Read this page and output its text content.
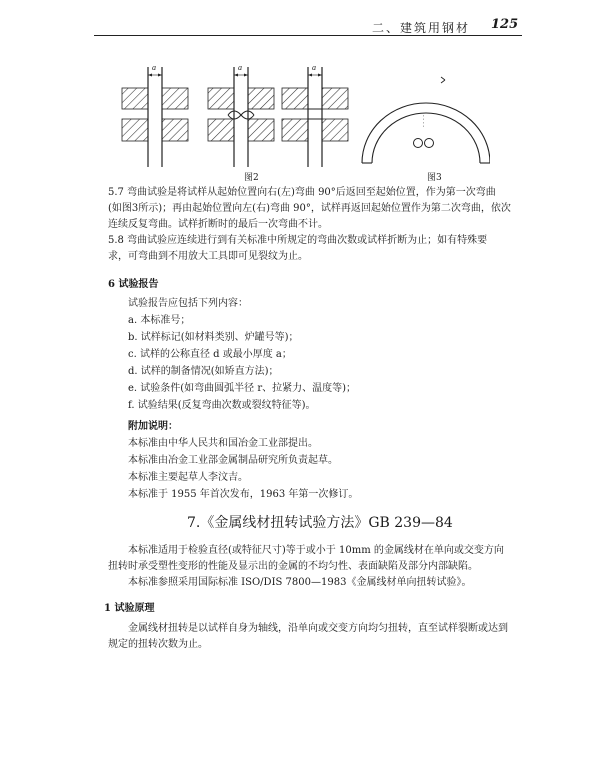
二、建筑用钢材 125
a	a	a
图2	图3

5.7 弯曲试验是将试样从起始位置向右(左)弯曲 90°后返回至起始位置，作为第一次弯曲

(如图3所示)；再由起始位置向左(右)弯曲 90°，试样再返回起始位置作为第二次弯曲，依次

连续反复弯曲。试样折断时的最后一次弯曲不计。

5.8 弯曲试验应连续进行到有关标准中所规定的弯曲次数或试样折断为止；如有特殊要

求，可弯曲到不用放大工具即可见裂纹为止。

6 试验报告

试验报告应包括下列内容：

a. 本标准号；

b. 试样标记(如材料类别、炉罐号等)；

c. 试样的公称直径 d 或最小厚度 a；

d. 试样的制备情况(如矫直方法)；

e. 试验条件(如弯曲圆弧半径 r、拉紧力、温度等)；

f. 试验结果(反复弯曲次数或裂纹特征等)。

附加说明：

本标准由中华人民共和国冶金工业部提出。

本标准由冶金工业部金属制品研究所负责起草。

本标准主要起草人李汶吉。

本标准于 1955 年首次发布，1963 年第一次修订。

7.《金属线材扭转试验方法》GB 239—84

本标准适用于检验直径(或特征尺寸)等于或小于 10mm 的金属线材在单向或交变方向

扭转时承受塑性变形的性能及显示出的金属的不均匀性、表面缺陷及部分内部缺陷。

本标准参照采用国际标准 ISO/DIS 7800—1983《金属线材单向扭转试验》。

1 试验原理

金属线材扭转是以试样自身为轴线，沿单向或交变方向均匀扭转，直至试样裂断或达到

规定的扭转次数为止。
